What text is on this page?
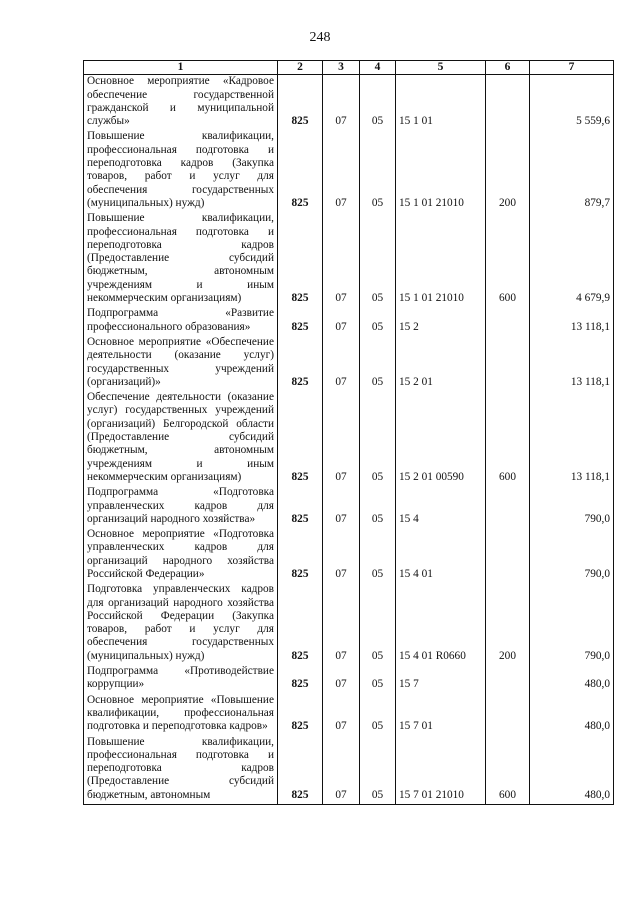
248
1	2	3	4	5	6	7
Основное мероприятие «Кадровое обеспечение государственной гражданской и муниципальной службы»	825	07	05	15 1 01		5 559,6
Повышение квалификации, профессиональная подготовка и переподготовка кадров (Закупка товаров, работ и услуг для обеспечения государственных (муниципальных) нужд)	825	07	05	15 1 01 21010	200	879,7
Повышение квалификации, профессиональная подготовка и переподготовка кадров (Предоставление субсидий бюджетным, автономным учреждениям и иным некоммерческим организациям)	825	07	05	15 1 01 21010	600	4 679,9
Подпрограмма «Развитие профессионального образования»	825	07	05	15 2		13 118,1
Основное мероприятие «Обеспечение деятельности (оказание услуг) государственных учреждений (организаций)»	825	07	05	15 2 01		13 118,1
Обеспечение деятельности (оказание услуг) государственных учреждений (организаций) Белгородской области (Предоставление субсидий бюджетным, автономным учреждениям и иным некоммерческим организациям)	825	07	05	15 2 01 00590	600	13 118,1
Подпрограмма «Подготовка управленческих кадров для организаций народного хозяйства»	825	07	05	15 4		790,0
Основное мероприятие «Подготовка управленческих кадров для организаций народного хозяйства Российской Федерации»	825	07	05	15 4 01		790,0
Подготовка управленческих кадров для организаций народного хозяйства Российской Федерации (Закупка товаров, работ и услуг для обеспечения государственных (муниципальных) нужд)	825	07	05	15 4 01 R0660	200	790,0
Подпрограмма «Противодействие коррупции»	825	07	05	15 7		480,0
Основное мероприятие «Повышение квалификации, профессиональная подготовка и переподготовка кадров»	825	07	05	15 7 01		480,0
Повышение квалификации, профессиональная подготовка и переподготовка кадров (Предоставление субсидий бюджетным, автономным	825	07	05	15 7 01 21010	600	480,0
